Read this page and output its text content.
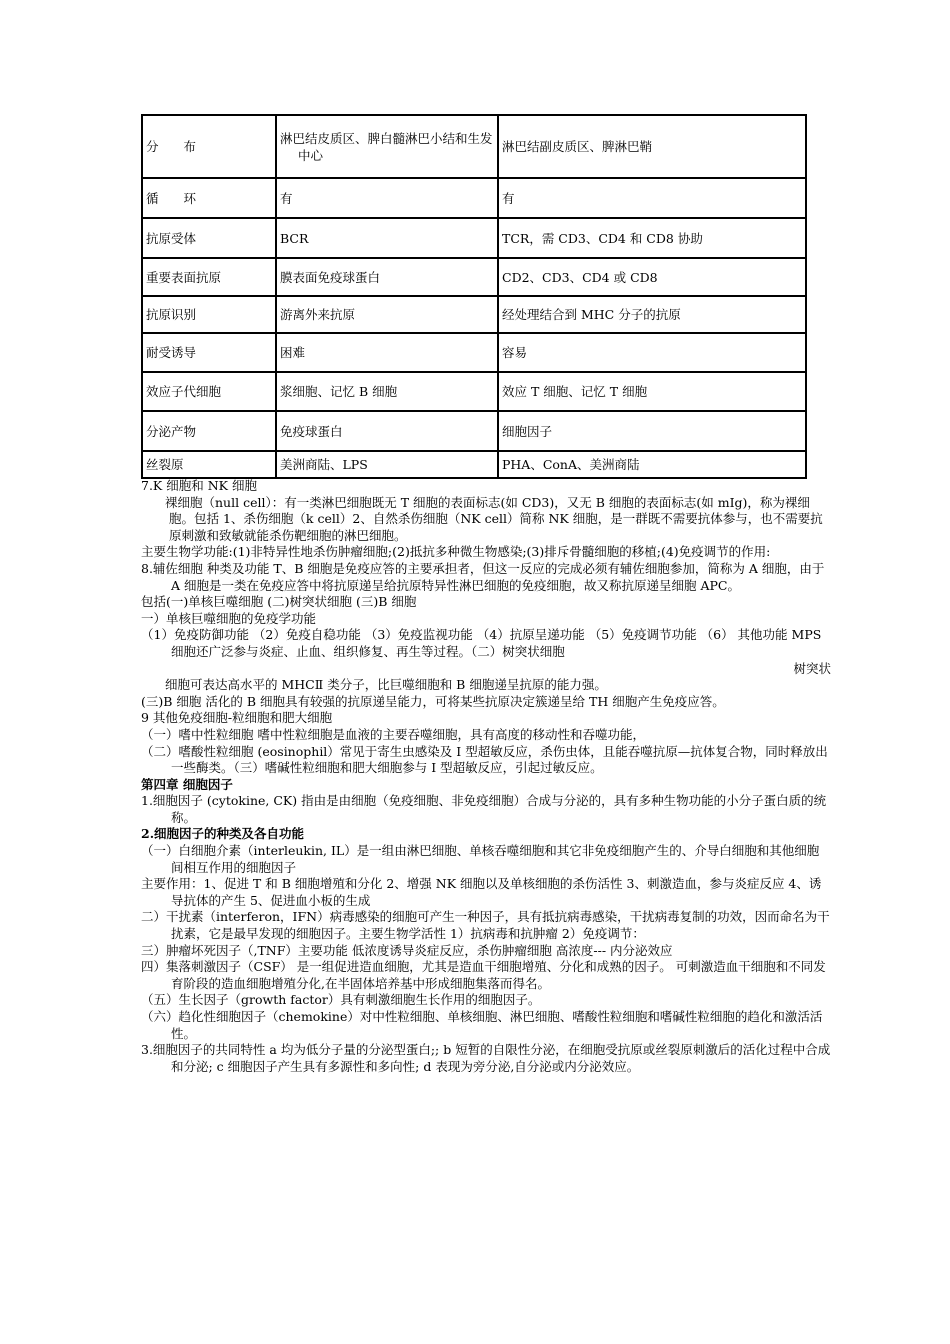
分　　布	淋巴结皮质区、脾白髓淋巴小结和生发中心	淋巴结副皮质区、脾淋巴鞘
循　　环	有	有
抗原受体	BCR	TCR，需 CD3、CD4 和 CD8 协助
重要表面抗原	膜表面免疫球蛋白	CD2、CD3、CD4 或 CD8
抗原识别	游离外来抗原	经处理结合到 MHC 分子的抗原
耐受诱导	困难	容易
效应子代细胞	浆细胞、记忆 B 细胞	效应 T 细胞、记忆 T 细胞
分泌产物	免疫球蛋白	细胞因子
丝裂原	美洲商陆、LPS	PHA、ConA、美洲商陆

7.K 细胞和 NK 细胞

裸细胞（null cell）：有一类淋巴细胞既无 T 细胞的表面标志(如 CD3)，又无 B 细胞的表面标志(如 mIg)，称为裸细胞。包括 1、杀伤细胞（k cell）2、自然杀伤细胞（NK cell）简称 NK 细胞，是一群既不需要抗体参与，也不需要抗原刺激和致敏就能杀伤靶细胞的淋巴细胞。

主要生物学功能:(1)非特异性地杀伤肿瘤细胞;(2)抵抗多种微生物感染;(3)排斥骨髓细胞的移植;(4)免疫调节的作用:

8.辅佐细胞 种类及功能 T、B 细胞是免疫应答的主要承担者，但这一反应的完成必须有辅佐细胞参加，简称为 A 细胞，由于 A 细胞是一类在免疫应答中将抗原递呈给抗原特异性淋巴细胞的免疫细胞，故又称抗原递呈细胞 APC。

包括(一)单核巨噬细胞 (二)树突状细胞 (三)B 细胞

一）单核巨噬细胞的免疫学功能

（1）免疫防御功能 （2）免疫自稳功能 （3）免疫监视功能 （4）抗原呈递功能 （5）免疫调节功能 （6） 其他功能 MPS 细胞还广泛参与炎症、止血、组织修复、再生等过程。（二）树突状细胞

树突状

细胞可表达高水平的 MHCⅡ 类分子，比巨噬细胞和 B 细胞递呈抗原的能力强。

(三)B 细胞 活化的 B 细胞具有较强的抗原递呈能力，可将某些抗原决定簇递呈给 TH 细胞产生免疫应答。

9 其他免疫细胞-粒细胞和肥大细胞

（一）嗜中性粒细胞 嗜中性粒细胞是血液的主要吞噬细胞，具有高度的移动性和吞噬功能，

（二）嗜酸性粒细胞 (eosinophil）常见于寄生虫感染及 I 型超敏反应，杀伤虫体，且能吞噬抗原—抗体复合物，同时释放出一些酶类。（三）嗜碱性粒细胞和肥大细胞参与 I 型超敏反应，引起过敏反应。

第四章 细胞因子

1.细胞因子 (cytokine, CK) 指由是由细胞（免疫细胞、非免疫细胞）合成与分泌的，具有多种生物功能的小分子蛋白质的统称。

2.细胞因子的种类及各自功能

（一）白细胞介素（interleukin, IL）是一组由淋巴细胞、单核吞噬细胞和其它非免疫细胞产生的、介导白细胞和其他细胞间相互作用的细胞因子

主要作用：1、促进 T 和 B 细胞增殖和分化 2、增强 NK 细胞以及单核细胞的杀伤活性 3、刺激造血，参与炎症反应 4、诱导抗体的产生 5、促进血小板的生成

二）干扰素（interferon，IFN）病毒感染的细胞可产生一种因子，具有抵抗病毒感染，干扰病毒复制的功效，因而命名为干扰素，它是最早发现的细胞因子。主要生物学活性 1）抗病毒和抗肿瘤 2）免疫调节：

三）肿瘤坏死因子（,TNF）主要功能 低浓度诱导炎症反应，杀伤肿瘤细胞 高浓度--- 内分泌效应

四）集落刺激因子（CSF） 是一组促进造血细胞，尤其是造血干细胞增殖、分化和成熟的因子。 可刺激造血干细胞和不同发育阶段的造血细胞增殖分化,在半固体培养基中形成细胞集落而得名。

（五）生长因子（growth factor）具有刺激细胞生长作用的细胞因子。

（六）趋化性细胞因子（chemokine）对中性粒细胞、单核细胞、淋巴细胞、嗜酸性粒细胞和嗜碱性粒细胞的趋化和激活活性。

3.细胞因子的共同特性 a 均为低分子量的分泌型蛋白;; b 短暂的自限性分泌，在细胞受抗原或丝裂原刺激后的活化过程中合成和分泌; c 细胞因子产生具有多源性和多向性; d 表现为旁分泌,自分泌或内分泌效应。
